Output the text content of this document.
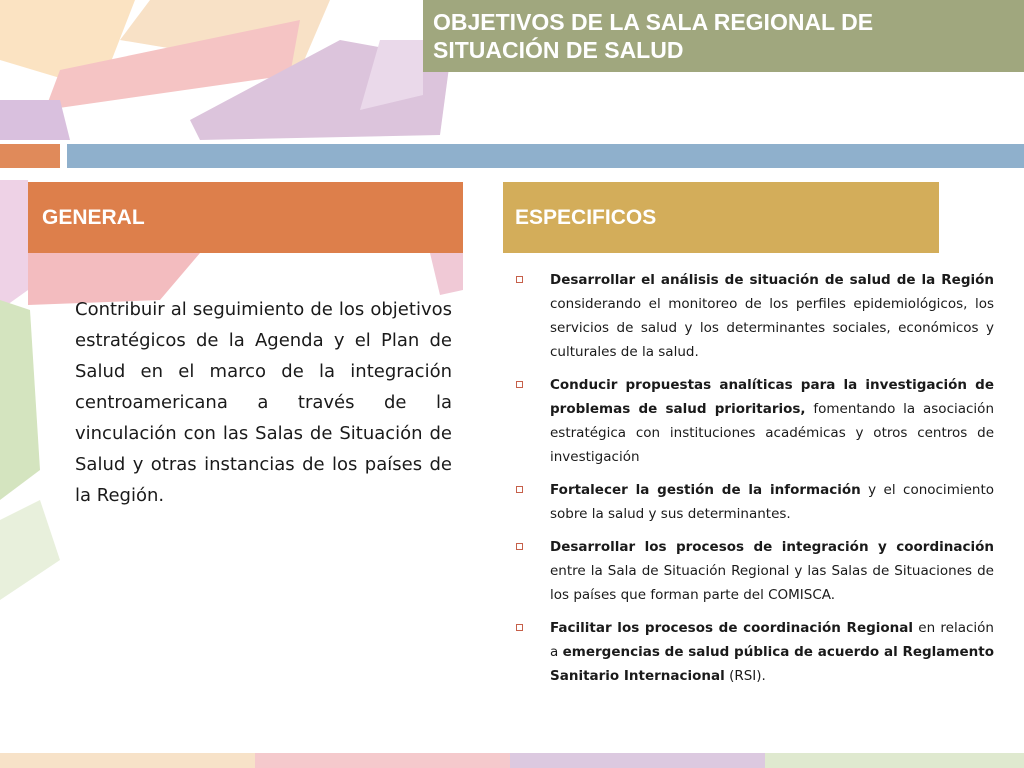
OBJETIVOS DE LA SALA REGIONAL DE
SITUACIÓN DE SALUD
GENERAL	ESPECIFICOS
Contribuir al seguimiento de los objetivos estratégicos de la Agenda y el Plan de Salud en el marco de la integración centroamericana a través de la vinculación con las Salas de Situación de Salud y otras instancias de los países de la Región.
Desarrollar el análisis de situación de salud de la Región considerando el monitoreo de los perfiles epidemiológicos, los servicios de salud y los determinantes sociales, económicos y culturales de la salud.
Conducir propuestas analíticas para la investigación de problemas de salud prioritarios, fomentando la asociación estratégica con instituciones académicas y otros centros de investigación
Fortalecer la gestión de la información y el conocimiento sobre la salud y sus determinantes.
Desarrollar los procesos de integración y coordinación entre la Sala de Situación Regional y las Salas de Situaciones de los países que forman parte del COMISCA.
Facilitar los procesos de coordinación Regional en relación a emergencias de salud pública de acuerdo al Reglamento Sanitario Internacional (RSI).
